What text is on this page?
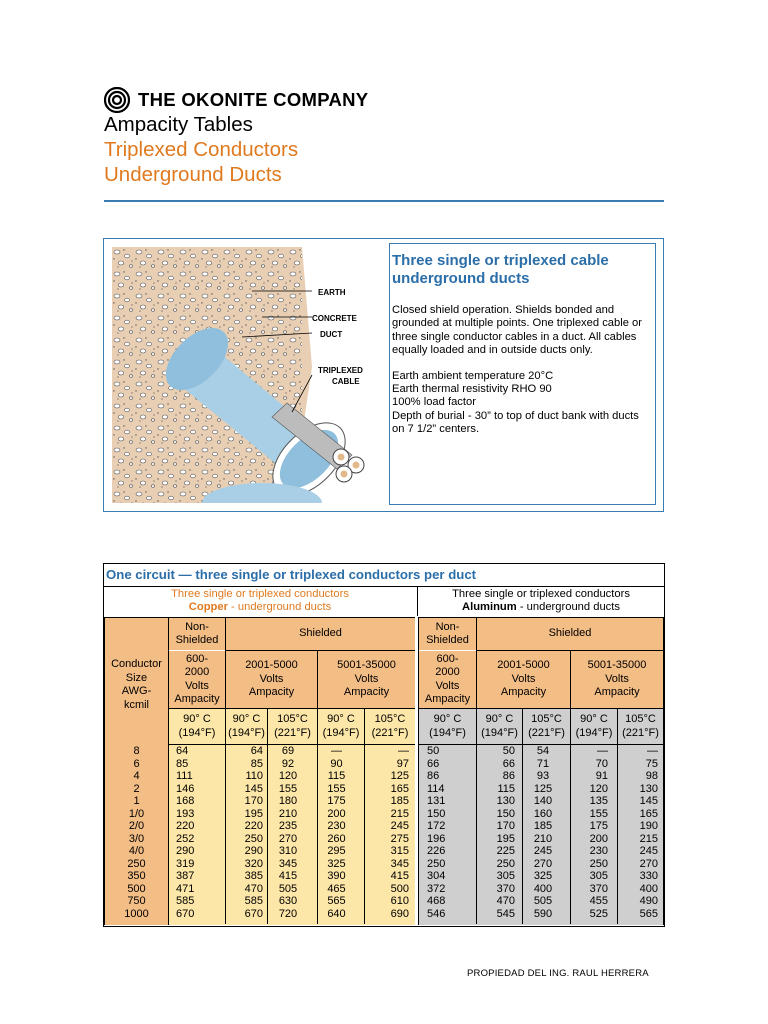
THE OKONITE COMPANY
Ampacity Tables
Triplexed Conductors
Underground Ducts
EARTH
CONCRETE
DUCT
TRIPLEXED
CABLE
Three single or triplexed cable underground ducts
Closed shield operation. Shields bonded and grounded at multiple points. One triplexed cable or three single conductor cables in a duct. All cables equally loaded and in outside ducts only.
Earth ambient temperature 20°C
Earth thermal resistivity RHO 90
100% load factor
Depth of burial - 30” to top of duct bank with ducts on 7 1/2” centers.
One circuit — three single or triplexed conductors per duct
Three single or triplexed conductors
Copper - underground ducts
Three single or triplexed conductors
Aluminum - underground ducts
Conductor
Size
AWG-
kcmil
Non-
Shielded
Shielded
600-
2000
Volts
Ampacity
2001-5000
Volts
Ampacity
5001-35000
Volts
Ampacity
90° C
(194°F)
90° C
(194°F)
105°C
(221°F)
90° C
(194°F)
105°C
(221°F)
8
6
4
2
1
1/0
2/0
3/0
4/0
250
350
500
750
1000
64
85
111
146
168
193
220
252
290
319
387
471
585
670
64
85
110
145
170
195
220
250
290
320
385
470
585
670
69
92
120
155
180
210
235
270
310
345
415
505
630
720
—
90
115
155
175
200
230
260
295
325
390
465
565
640
—
97
125
165
185
215
245
275
315
345
415
500
610
690
Non-
Shielded
Shielded
600-
2000
Volts
Ampacity
2001-5000
Volts
Ampacity
5001-35000
Volts
Ampacity
90° C
(194°F)
90° C
(194°F)
105°C
(221°F)
90° C
(194°F)
105°C
(221°F)
50
66
86
114
131
150
172
196
226
250
304
372
468
546
50
66
86
115
130
150
170
195
225
250
305
370
470
545
54
71
93
125
140
160
185
210
245
270
325
400
505
590
—
70
91
120
135
155
175
200
230
250
305
370
455
525
—
75
98
130
145
165
190
215
245
270
330
400
490
565
PROPIEDAD DEL ING. RAUL HERRERA
